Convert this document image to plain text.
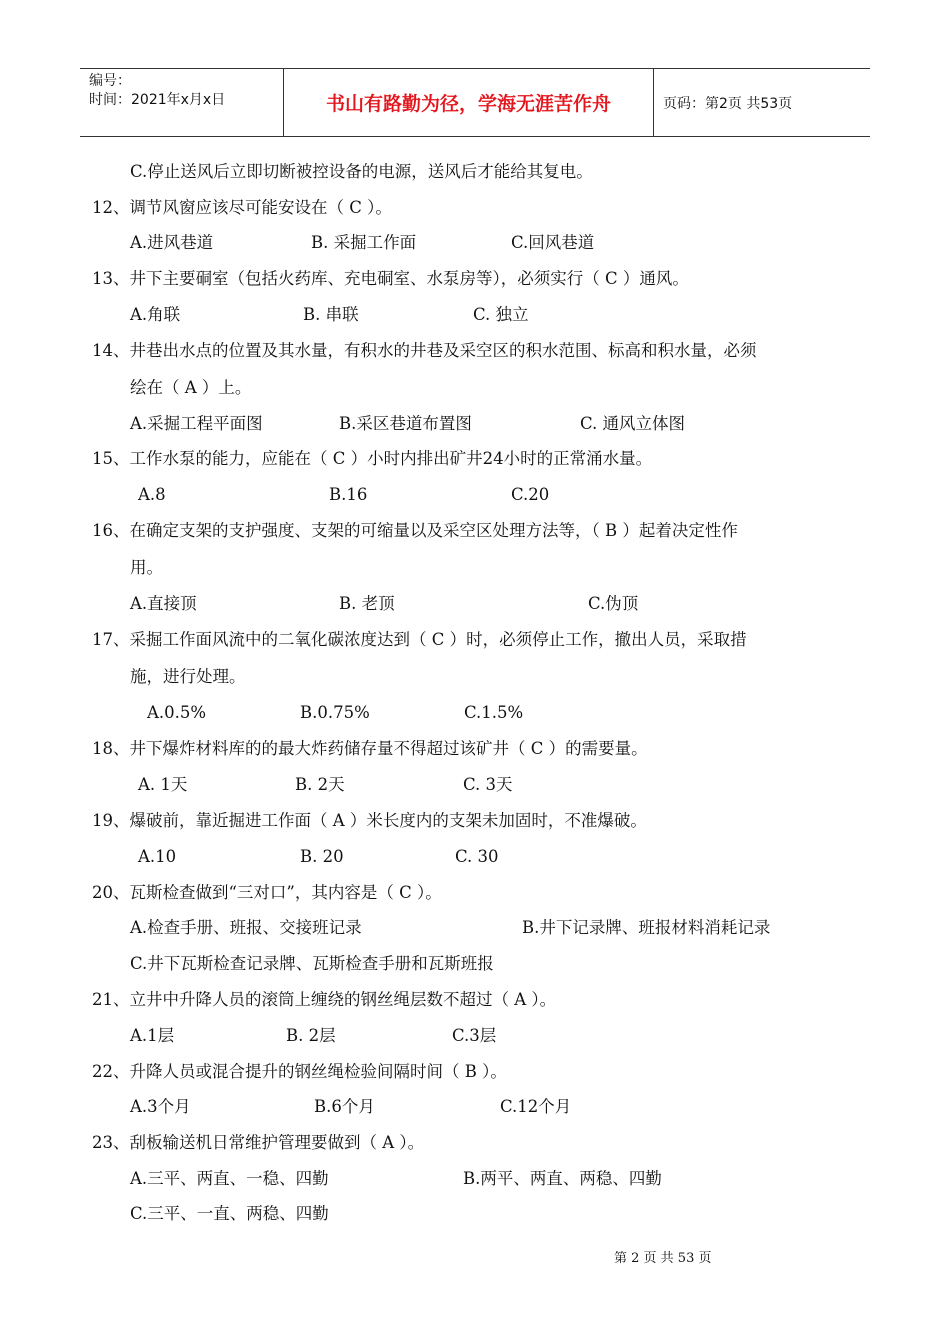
编号：
时间：2021年x月x日	书山有路勤为径，学海无涯苦作舟	页码：第2页 共53页
C.停止送风后立即切断被控设备的电源，送风后才能给其复电。
12、调节风窗应该尽可能安设在（ C ）。
A.进风巷道	B. 采掘工作面	C.回风巷道
13、井下主要硐室（包括火药库、充电硐室、水泵房等），必须实行（ C ）通风。
A.角联	B. 串联	C. 独立
14、井巷出水点的位置及其水量，有积水的井巷及采空区的积水范围、标高和积水量，必须
绘在（ A ）上。
A.采掘工程平面图	B.采区巷道布置图	C. 通风立体图
15、工作水泵的能力，应能在（ C ）小时内排出矿井24小时的正常涌水量。
A.8	B.16	C.20
16、在确定支架的支护强度、支架的可缩量以及采空区处理方法等，（ B ）起着决定性作
用。
A.直接顶	B. 老顶	C.伪顶
17、采掘工作面风流中的二氧化碳浓度达到（ C ）时，必须停止工作，撤出人员，采取措
施，进行处理。
A.0.5%	B.0.75%	C.1.5%
18、井下爆炸材料库的的最大炸药储存量不得超过该矿井（ C ）的需要量。
A. 1天	B. 2天	C. 3天
19、爆破前，靠近掘进工作面（ A ）米长度内的支架未加固时，不准爆破。
A.10	B. 20	C. 30
20、瓦斯检查做到“三对口”，其内容是（ C ）。
A.检查手册、班报、交接班记录	B.井下记录牌、班报材料消耗记录
C.井下瓦斯检查记录牌、瓦斯检查手册和瓦斯班报
21、立井中升降人员的滚筒上缠绕的钢丝绳层数不超过（ A ）。
A.1层	B. 2层	C.3层
22、升降人员或混合提升的钢丝绳检验间隔时间（ B ）。
A.3个月	B.6个月	C.12个月
23、刮板输送机日常维护管理要做到（ A ）。
A.三平、两直、一稳、四勤	B.两平、两直、两稳、四勤
C.三平、一直、两稳、四勤
第 2 页 共 53 页
